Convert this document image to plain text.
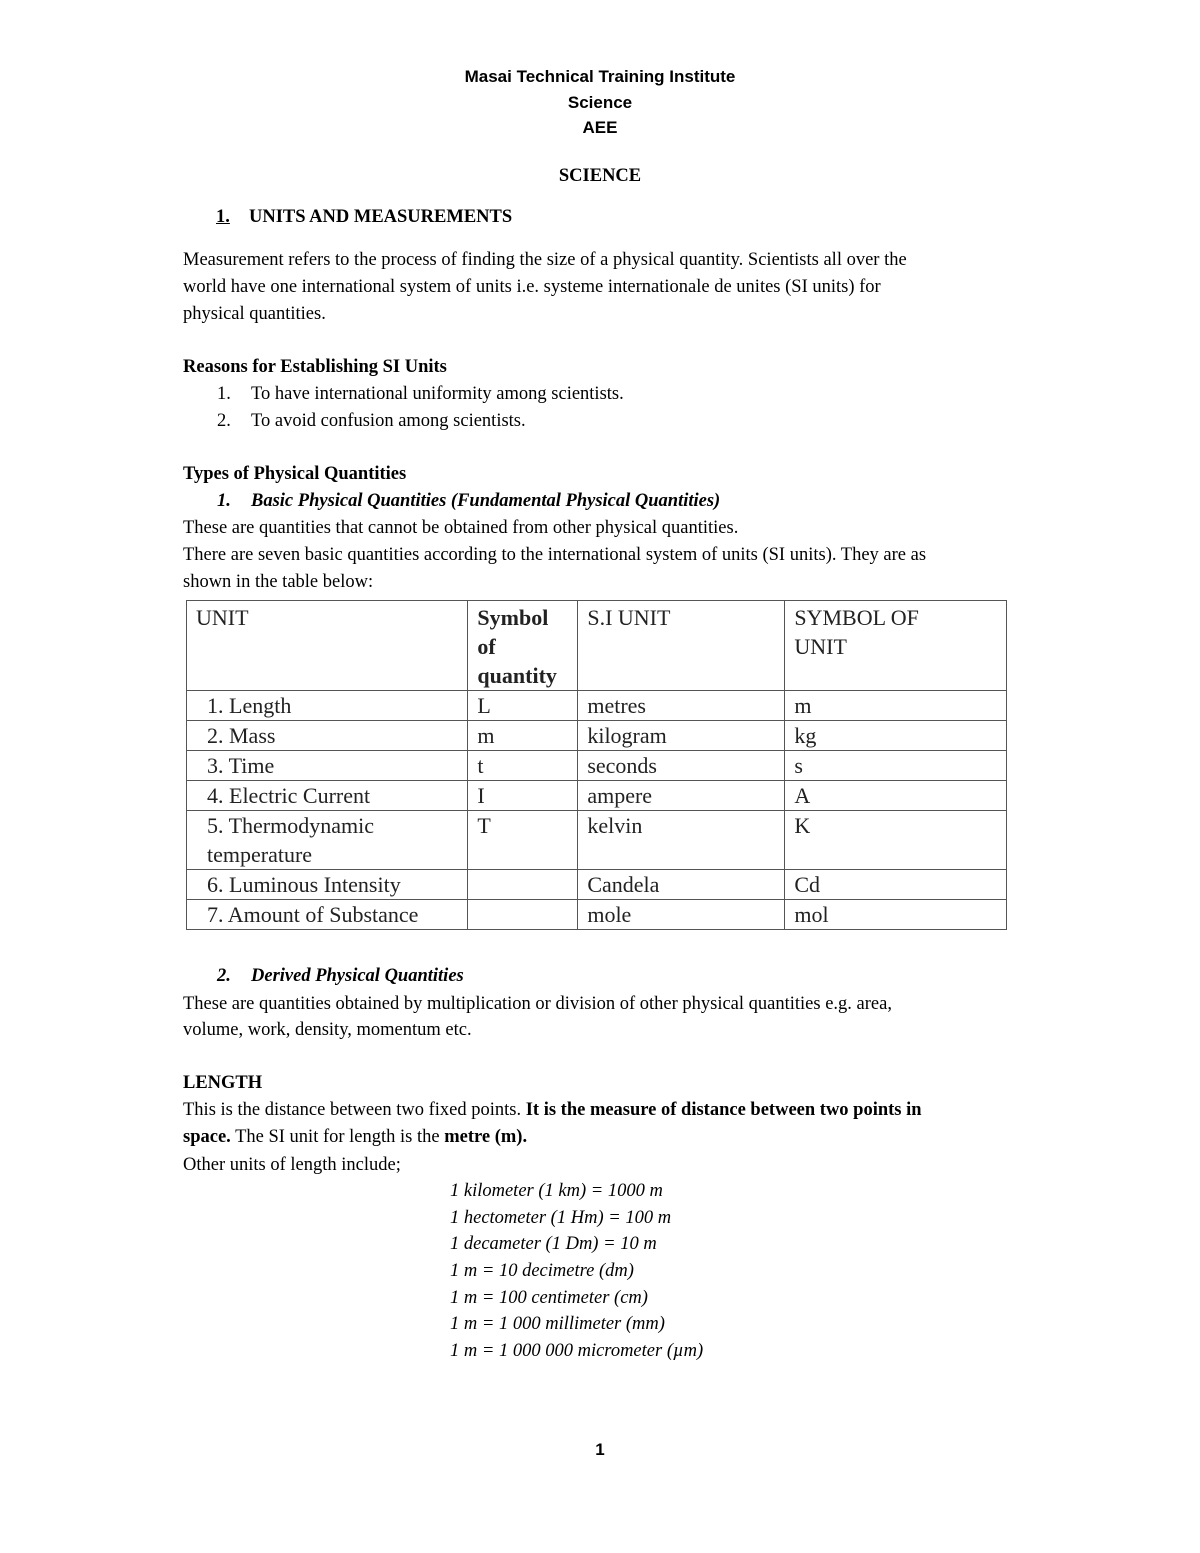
Masai Technical Training Institute
Science
AEE
SCIENCE
1. UNITS AND MEASUREMENTS
Measurement refers to the process of finding the size of a physical quantity. Scientists all over the
world have one international system of units i.e. systeme internationale de unites (SI units) for
physical quantities.
Reasons for Establishing SI Units
1. To have international uniformity among scientists.
2. To avoid confusion among scientists.
Types of Physical Quantities
1. Basic Physical Quantities (Fundamental Physical Quantities)
These are quantities that cannot be obtained from other physical quantities.
There are seven basic quantities according to the international system of units (SI units). They are as
shown in the table below:
UNIT	Symbol of quantity	S.I UNIT	SYMBOL OF UNIT

1. Length	L	metres	m
2. Mass	m	kilogram	kg
3. Time	t	seconds	s
4. Electric Current	I	ampere	A

5. Thermodynamic temperature	T	kelvin	K
6. Luminous Intensity		Candela	Cd
7. Amount of Substance		mole	mol
2. Derived Physical Quantities
These are quantities obtained by multiplication or division of other physical quantities e.g. area,
volume, work, density, momentum etc.
LENGTH
This is the distance between two fixed points. It is the measure of distance between two points in
space. The SI unit for length is the metre (m).
Other units of length include;
1 kilometer (1 km) = 1000 m
1 hectometer (1 Hm) = 100 m
1 decameter (1 Dm) = 10 m
1 m = 10 decimetre (dm)
1 m = 100 centimeter (cm)
1 m = 1 000 millimeter (mm)
1 m = 1 000 000 micrometer (µm)
1
